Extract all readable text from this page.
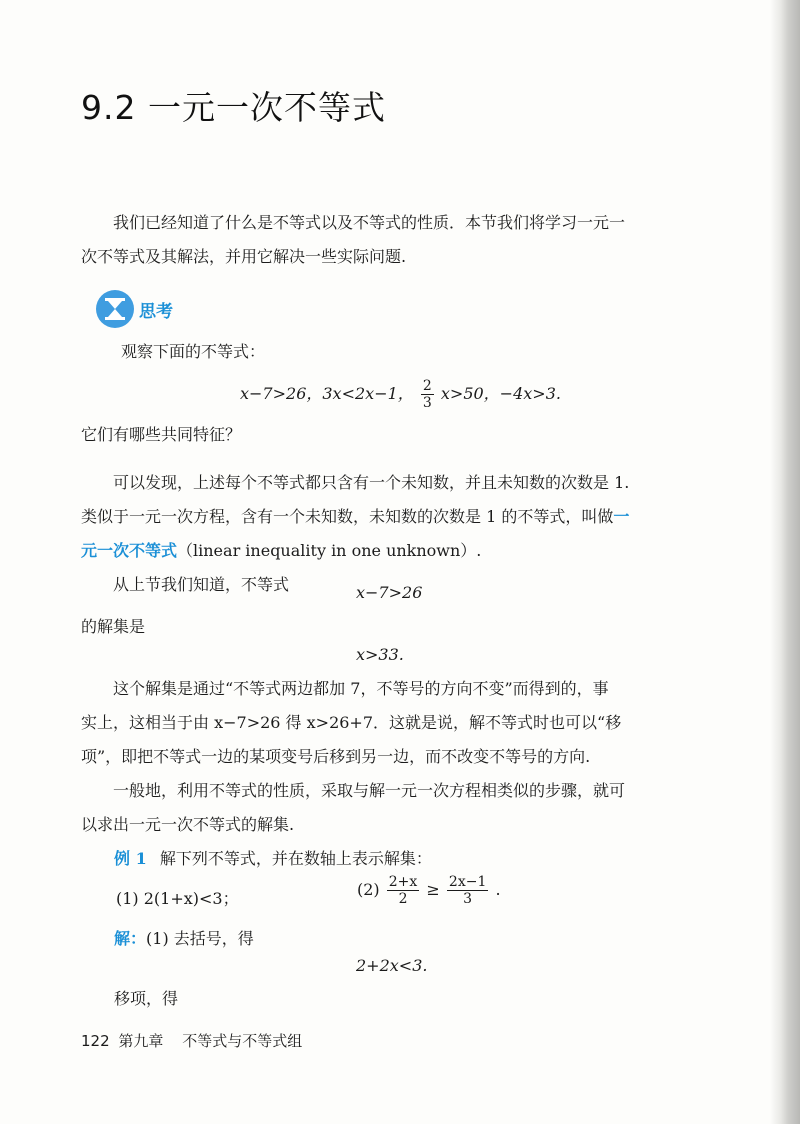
9.2 一元一次不等式
我们已经知道了什么是不等式以及不等式的性质．本节我们将学习一元一
次不等式及其解法，并用它解决一些实际问题.
思考
观察下面的不等式：
x−7>26，3x<2x−1， $\frac{2}{3} x>50$，−4x>3.
它们有哪些共同特征？
可以发现，上述每个不等式都只含有一个未知数，并且未知数的次数是 1.
类似于一元一次方程，含有一个未知数，未知数的次数是 1 的不等式，叫做一
元一次不等式（linear inequality in one unknown）.
从上节我们知道，不等式	x−7>26
的解集是
x>33.
这个解集是通过“不等式两边都加 7，不等号的方向不变”而得到的，事
实上，这相当于由 x−7>26 得 x>26+7．这就是说，解不等式时也可以“移
项”，即把不等式一边的某项变号后移到另一边，而不改变不等号的方向.
一般地，利用不等式的性质，采取与解一元一次方程相类似的步骤，就可
以求出一元一次不等式的解集.
例 1 解下列不等式，并在数轴上表示解集：
(1) 2(1+x)<3；	$(2) \frac{2+x}{2} \ge \frac{2x-1}{3}$ .
解：(1) 去括号，得
2+2x<3.
移项，得
122 第九章 不等式与不等式组
